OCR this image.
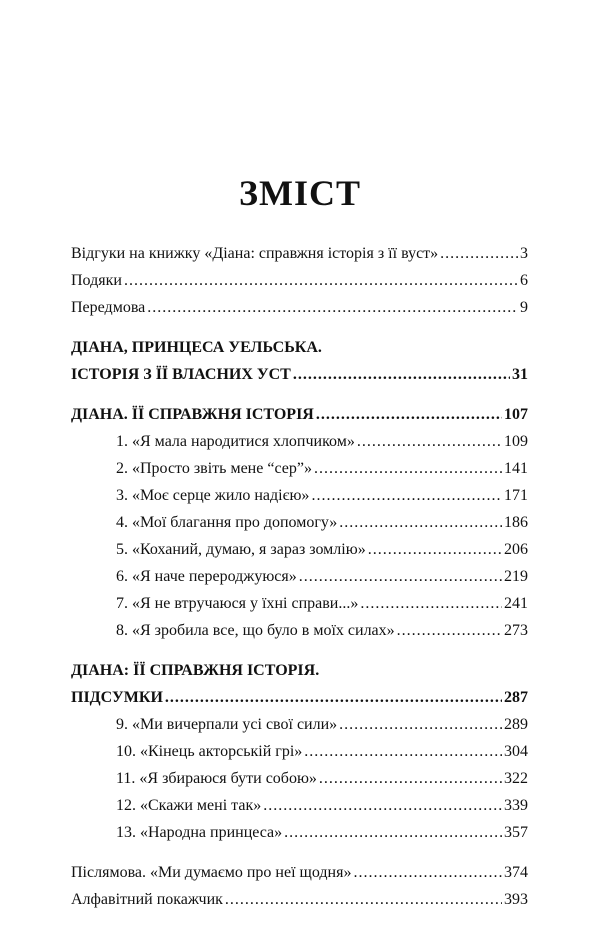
ЗМІСТ
Відгуки на книжку «Діана: справжня історія з її вуст» .....	3
Подяки .....	6
Передмова .....	9
ДІАНА, ПРИНЦЕСА УЕЛЬСЬКА.
ІСТОРІЯ З ЇЇ ВЛАСНИХ УСТ .....	31
ДІАНА. ЇЇ СПРАВЖНЯ ІСТОРІЯ .....	107
1. «Я мала народитися хлопчиком» .....	109
2. «Просто звіть мене “сер”» .....	141
3. «Моє серце жило надією» .....	171
4. «Мої благання про допомогу» .....	186
5. «Коханий, думаю, я зараз зомлію» .....	206
6. «Я наче перероджуюся» .....	219
7. «Я не втручаюся у їхні справи...» .....	241
8. «Я зробила все, що було в моїх силах» .....	273
ДІАНА: ЇЇ СПРАВЖНЯ ІСТОРІЯ.
ПІДСУМКИ .....	287
9. «Ми вичерпали усі свої сили» .....	289
10. «Кінець акторській грі» .....	304
11. «Я збираюся бути собою» .....	322
12. «Скажи мені так» .....	339
13. «Народна принцеса» .....	357
Післямова. «Ми думаємо про неї щодня» .....	374
Алфавітний покажчик .....	393
